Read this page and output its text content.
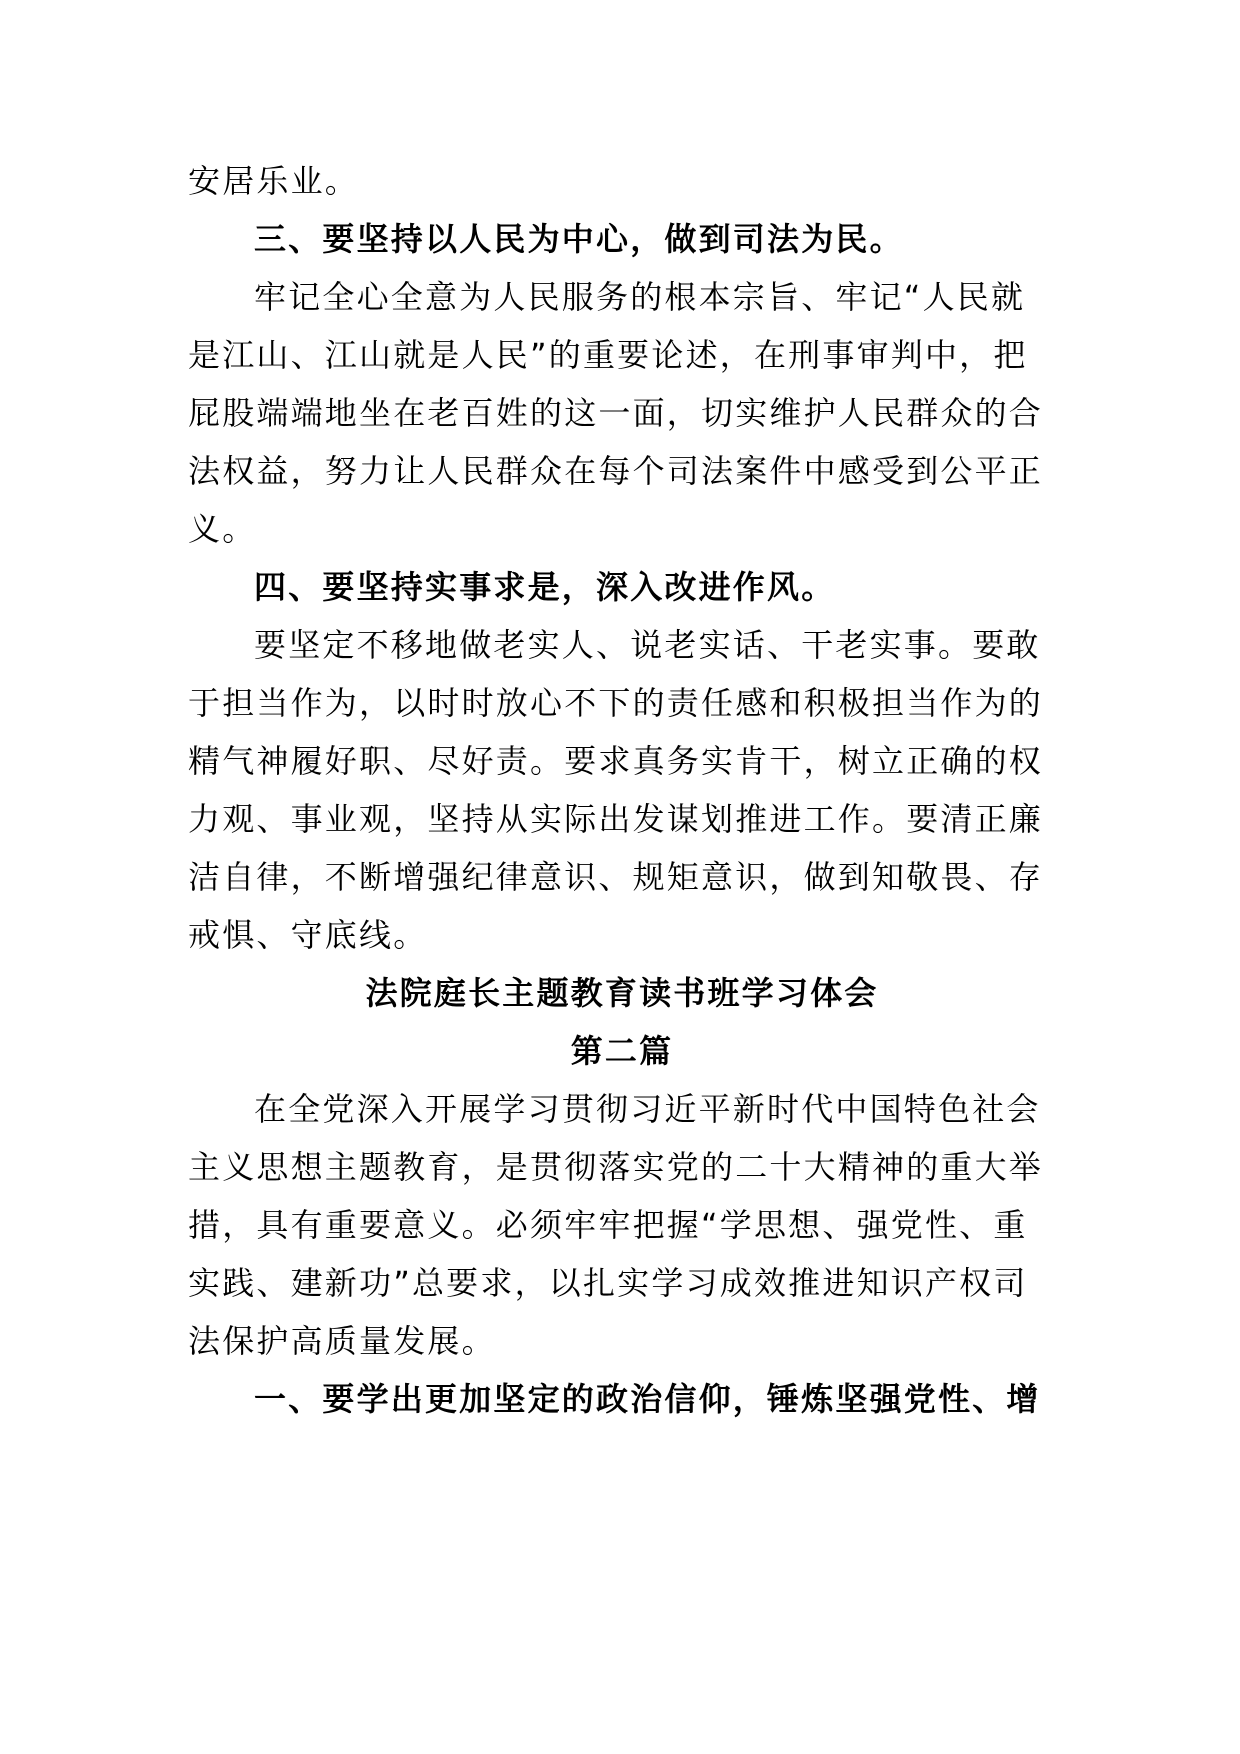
安居乐业。
三、要坚持以人民为中心，做到司法为民。
牢记全心全意为人民服务的根本宗旨、牢记“人民就
是江山、江山就是人民”的重要论述，在刑事审判中，把
屁股端端地坐在老百姓的这一面，切实维护人民群众的合
法权益，努力让人民群众在每个司法案件中感受到公平正
义。
四、要坚持实事求是，深入改进作风。
要坚定不移地做老实人、说老实话、干老实事。要敢
于担当作为，以时时放心不下的责任感和积极担当作为的
精气神履好职、尽好责。要求真务实肯干，树立正确的权
力观、事业观，坚持从实际出发谋划推进工作。要清正廉
洁自律，不断增强纪律意识、规矩意识，做到知敬畏、存
戒惧、守底线。
法院庭长主题教育读书班学习体会
第二篇
在全党深入开展学习贯彻习近平新时代中国特色社会
主义思想主题教育，是贯彻落实党的二十大精神的重大举
措，具有重要意义。必须牢牢把握“学思想、强党性、重
实践、建新功”总要求，以扎实学习成效推进知识产权司
法保护高质量发展。
一、要学出更加坚定的政治信仰，锤炼坚强党性、增
